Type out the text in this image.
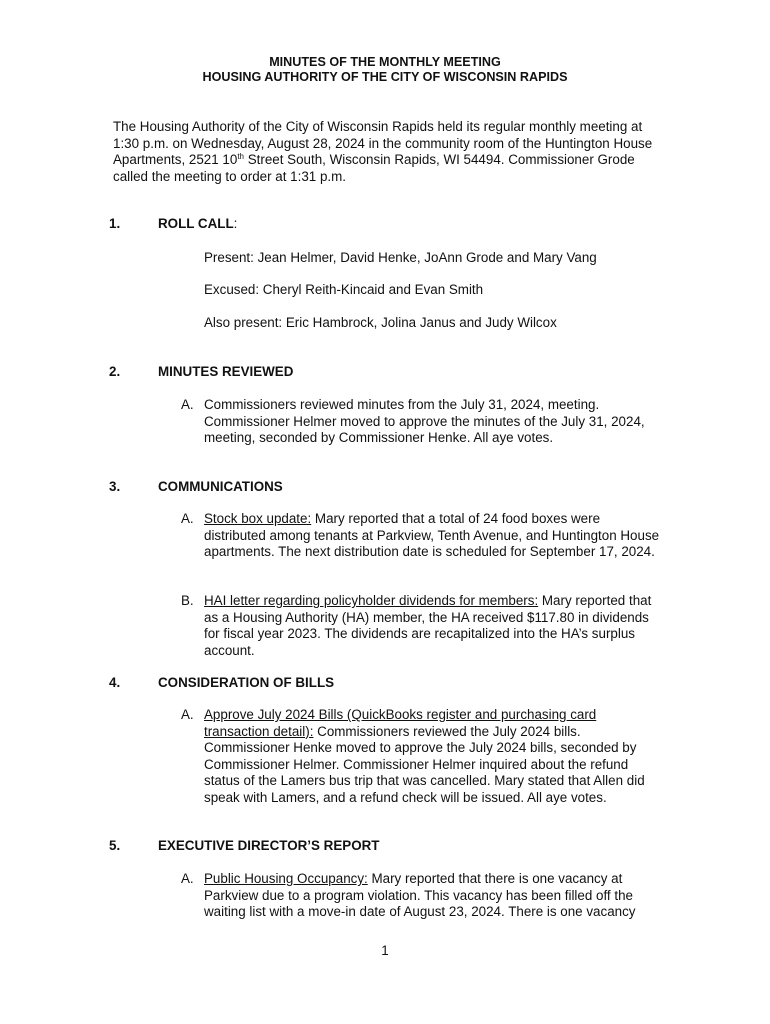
MINUTES OF THE MONTHLY MEETING
HOUSING AUTHORITY OF THE CITY OF WISCONSIN RAPIDS
The Housing Authority of the City of Wisconsin Rapids held its regular monthly meeting at 1:30 p.m. on Wednesday, August 28, 2024 in the community room of the Huntington House Apartments, 2521 10th Street South, Wisconsin Rapids, WI 54494. Commissioner Grode called the meeting to order at 1:31 p.m.
1.	ROLL CALL:
Present: Jean Helmer, David Henke, JoAnn Grode and Mary Vang
Excused: Cheryl Reith-Kincaid and Evan Smith
Also present: Eric Hambrock, Jolina Janus and Judy Wilcox
2.	MINUTES REVIEWED
A. Commissioners reviewed minutes from the July 31, 2024, meeting. Commissioner Helmer moved to approve the minutes of the July 31, 2024, meeting, seconded by Commissioner Henke. All aye votes.
3.	COMMUNICATIONS
A. Stock box update: Mary reported that a total of 24 food boxes were distributed among tenants at Parkview, Tenth Avenue, and Huntington House apartments. The next distribution date is scheduled for September 17, 2024.
B. HAI letter regarding policyholder dividends for members: Mary reported that as a Housing Authority (HA) member, the HA received $117.80 in dividends for fiscal year 2023. The dividends are recapitalized into the HA’s surplus account.
4.	CONSIDERATION OF BILLS
A. Approve July 2024 Bills (QuickBooks register and purchasing card transaction detail): Commissioners reviewed the July 2024 bills. Commissioner Henke moved to approve the July 2024 bills, seconded by Commissioner Helmer. Commissioner Helmer inquired about the refund status of the Lamers bus trip that was cancelled. Mary stated that Allen did speak with Lamers, and a refund check will be issued. All aye votes.
5.	EXECUTIVE DIRECTOR’S REPORT
A. Public Housing Occupancy: Mary reported that there is one vacancy at Parkview due to a program violation. This vacancy has been filled off the waiting list with a move-in date of August 23, 2024. There is one vacancy
1
